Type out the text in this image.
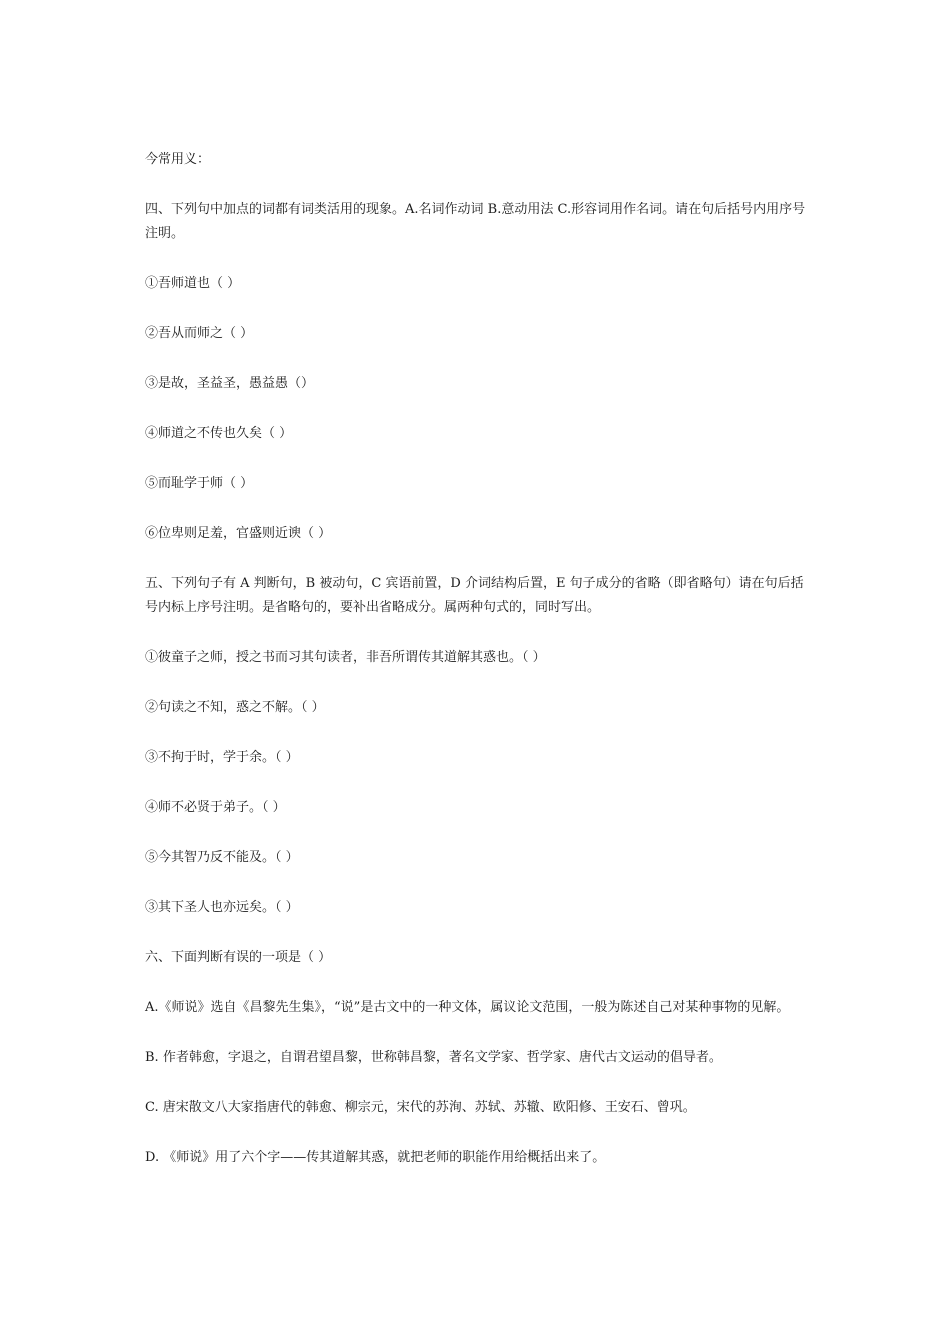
今常用义：

四、下列句中加点的词都有词类活用的现象。A.名词作动词 B.意动用法 C.形容词用作名词。请在句后括号内用序号注明。

①吾师道也（ ）

②吾从而师之（ ）

③是故，圣益圣，愚益愚（）

④师道之不传也久矣（ ）

⑤而耻学于师（ ）

⑥位卑则足羞，官盛则近谀（ ）

五、下列句子有 A 判断句，B 被动句，C 宾语前置，D 介词结构后置，E 句子成分的省略（即省略句）请在句后括号内标上序号注明。是省略句的，要补出省略成分。属两种句式的，同时写出。

①彼童子之师，授之书而习其句读者，非吾所谓传其道解其惑也。（ ）

②句读之不知，惑之不解。（ ）

③不拘于时，学于余。（ ）

④师不必贤于弟子。（ ）

⑤今其智乃反不能及。（ ）

③其下圣人也亦远矣。（ ）

六、下面判断有误的一项是（ ）

A.《师说》选自《昌黎先生集》，“说”是古文中的一种文体，属议论文范围，一般为陈述自己对某种事物的见解。

B. 作者韩愈，字退之，自谓君望昌黎，世称韩昌黎，著名文学家、哲学家、唐代古文运动的倡导者。

C. 唐宋散文八大家指唐代的韩愈、柳宗元，宋代的苏洵、苏轼、苏辙、欧阳修、王安石、曾巩。

D. 《师说》用了六个字——传其道解其惑，就把老师的职能作用给概括出来了。
